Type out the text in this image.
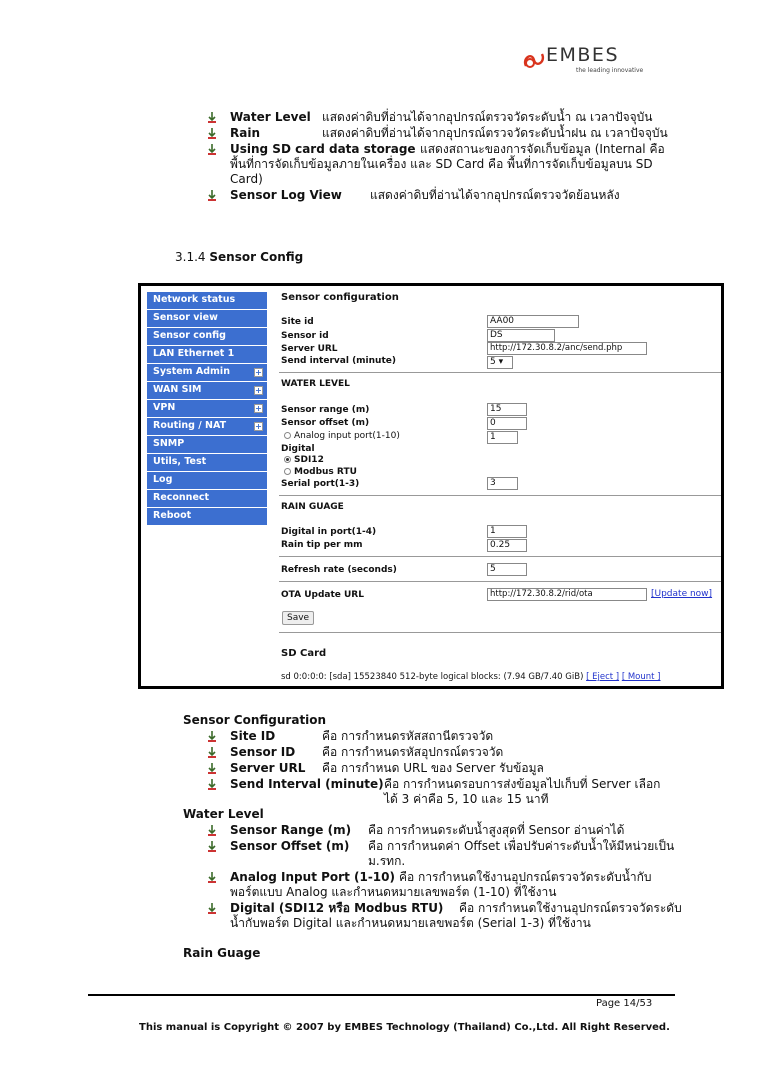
EMBES
the leading innovative
Water Level แสดงค่าดิบที่อ่านได้จากอุปกรณ์ตรวจวัดระดับน้ำ ณ เวลาปัจจุบัน
Rain	แสดงค่าดิบที่อ่านได้จากอุปกรณ์ตรวจวัดระดับน้ำฝน ณ เวลาปัจจุบัน
Using SD card data storage แสดงสถานะของการจัดเก็บข้อมูล (Internal คือ
พื้นที่การจัดเก็บข้อมูลภายในเครื่อง และ SD Card คือ พื้นที่การจัดเก็บข้อมูลบน SD
Card)
Sensor Log View แสดงค่าดิบที่อ่านได้จากอุปกรณ์ตรวจวัดย้อนหลัง
3.1.4 Sensor Config
Network status
Sensor view
Sensor config
LAN Ethernet 1
System Admin	+
WAN SIM	+
VPN	+
Routing / NAT	+
SNMP
Utils, Test
Log
Reconnect
Reboot
Sensor configuration
Site id	AA00
Sensor id	DS
Server URL	http://172.30.8.2/anc/send.php
Send interval (minute)	5 ▾
WATER LEVEL
Sensor range (m)	15
Sensor offset (m)	0
Analog input port(1-10)	1
Digital
SDI12
Modbus RTU
Serial port(1-3)	3
RAIN GUAGE
Digital in port(1-4)	1
Rain tip per mm	0.25
Refresh rate (seconds)	5
OTA Update URL	http://172.30.8.2/rid/ota	[Update now]
Save
SD Card
sd 0:0:0:0: [sda] 15523840 512-byte logical blocks: (7.94 GB/7.40 GiB) [ Eject ] [ Mount ]
Sensor Configuration
Site ID	คือ การกำหนดรหัสสถานีตรวจวัด
Sensor ID คือ การกำหนดรหัสอุปกรณ์ตรวจวัด
Server URL คือ การกำหนด URL ของ Server รับข้อมูล
Send Interval (minute) คือ การกำหนดรอบการส่งข้อมูลไปเก็บที่ Server เลือก
ได้ 3 ค่าคือ 5, 10 และ 15 นาที
Water Level
Sensor Range (m) คือ การกำหนดระดับน้ำสูงสุดที่ Sensor อ่านค่าได้
Sensor Offset (m) คือ การกำหนดค่า Offset เพื่อปรับค่าระดับน้ำให้มีหน่วยเป็น
ม.รทก.
Analog Input Port (1-10) คือ การกำหนดใช้งานอุปกรณ์ตรวจวัดระดับน้ำกับ
พอร์ตแบบ Analog และกำหนดหมายเลขพอร์ต (1-10) ที่ใช้งาน
Digital (SDI12 หรือ Modbus RTU) คือ การกำหนดใช้งานอุปกรณ์ตรวจวัดระดับ
น้ำกับพอร์ต Digital และกำหนดหมายเลขพอร์ต (Serial 1-3) ที่ใช้งาน
Rain Guage
Page 14/53
This manual is Copyright © 2007 by EMBES Technology (Thailand) Co.,Ltd. All Right Reserved.
